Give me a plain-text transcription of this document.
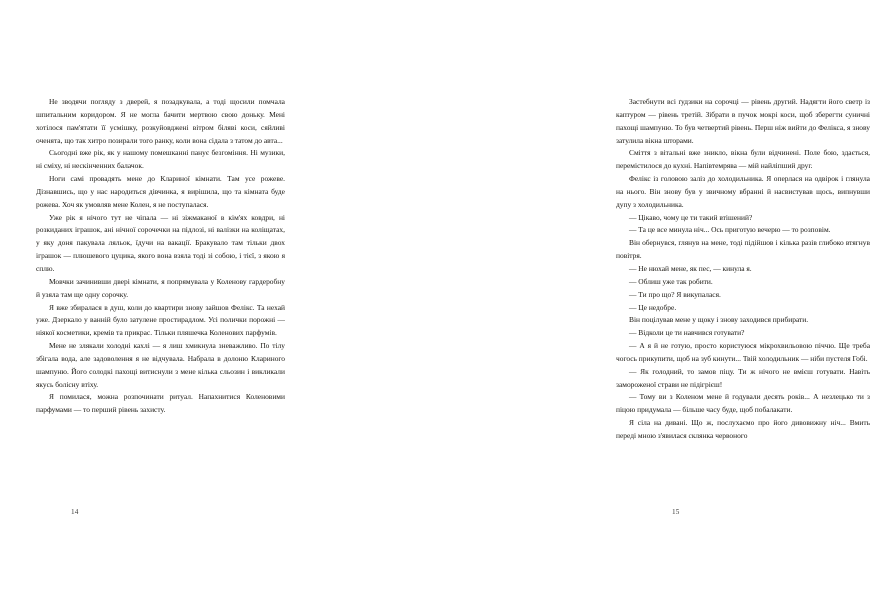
Не зводячи погляду з дверей, я позадкувала, а тоді щосили помчала шпитальним коридором. Я не могла бачити мертвою свою доньку. Мені хотілося пам'ятати її усмішку, розкуйовджені вітром біляві коси, сяйливі оченята, що так хитро позирали того ранку, коли вона сідала з татом до авта...

Сьогодні вже рік, як у нашому помешканні панує безгоміння. Ні музики, ні сміху, ні нескінченних балачок.

Ноги самі провадять мене до Клариної кімнати. Там усе рожеве. Дізнавшись, що у нас народиться дівчинка, я вирішила, що та кімната буде рожева. Хоч як умовляв мене Колен, я не поступалася.

Уже рік я нічого тут не чіпала — ні зіжмаканої в кім'ях ковдри, ні розкиданих іграшок, ані нічної сорочечки на підлозі, ні валізки на коліщатах, у яку доня пакувала ляльок, їдучи на вакації. Бракувало там тільки двох іграшок — плюшевого цуцика, якого вона взяла тоді зі собою, і тієї, з якою я сплю.

Мовчки зачинивши двері кімнати, я попрямувала у Коленову гардеробну й узяла там ще одну сорочку.

Я вже збиралася в душ, коли до квартири знову зайшов Фелікс. Та нехай уже. Дзеркало у ванній було затулене простирадлом. Усі полички порожні — ніякої косметики, кремів та прикрас. Тільки пляшечка Коленових парфумів.

Мене не злякали холодні кахлі — я лиш хмикнула зневажливо. По тілу збігала вода, але задоволення я не відчувала. Набрала в долоню Клариного шампуню. Його солодкі пахощі витиснули з мене кілька сльозин і викликали якусь болісну втіху.

Я помилася, можна розпочинати ритуал. Напахнитися Коленовими парфумами — то перший рівень захисту.

14

Застебнути всі ґудзики на сорочці — рівень другий. Надягти його светр із каптуром — рівень третій. Зібрати в пучок мокрі коси, щоб зберегти суничні пахощі шампуню. То був четвертий рівень. Перш ніж вийти до Фелікса, я знову затулила вікна шторами.

Сміття з вітальні вже зникло, вікна були відчинені. Поле бою, здається, перемістилося до кухні. Напівтемрява — мій найліпший друг.

Фелікс із головою заліз до холодильника. Я оперлася на одвірок і глянула на нього. Він знову був у звичному вбранні й насвистував щось, випнувши дупу з холодильника.

— Цікаво, чому це ти такий втішений?

— Та це все минула ніч... Ось приготую вечерю — то розповім.

Він обернувся, глянув на мене, тоді підійшов і кілька разів глибоко втягнув повітря.

— Не нюхай мене, як пес, — кинула я.

— Облиш уже так робити.

— Ти про що? Я викупалася.

— Це недобре.

Він поцілував мене у щоку і знову заходився прибирати.

— Відколи це ти навчився готувати?

— А я й не готую, просто користуюся мікрохвильовою піччю. Ще треба чогось прикупити, щоб на зуб кинути... Твій холодильник — ніби пустеля Гобі.

— Як голодний, то замов піцу. Ти ж нічого не вмієш готувати. Навіть замороженої страви не підігрієш!

— Тому ви з Коленом мене й годували десять років... А незлецько ти з піцою придумала — більше часу буде, щоб побалакати.

Я сіла на дивані. Що ж, послухаємо про його дивовижну ніч... Вмить переді мною з'явилася склянка червоного

15
